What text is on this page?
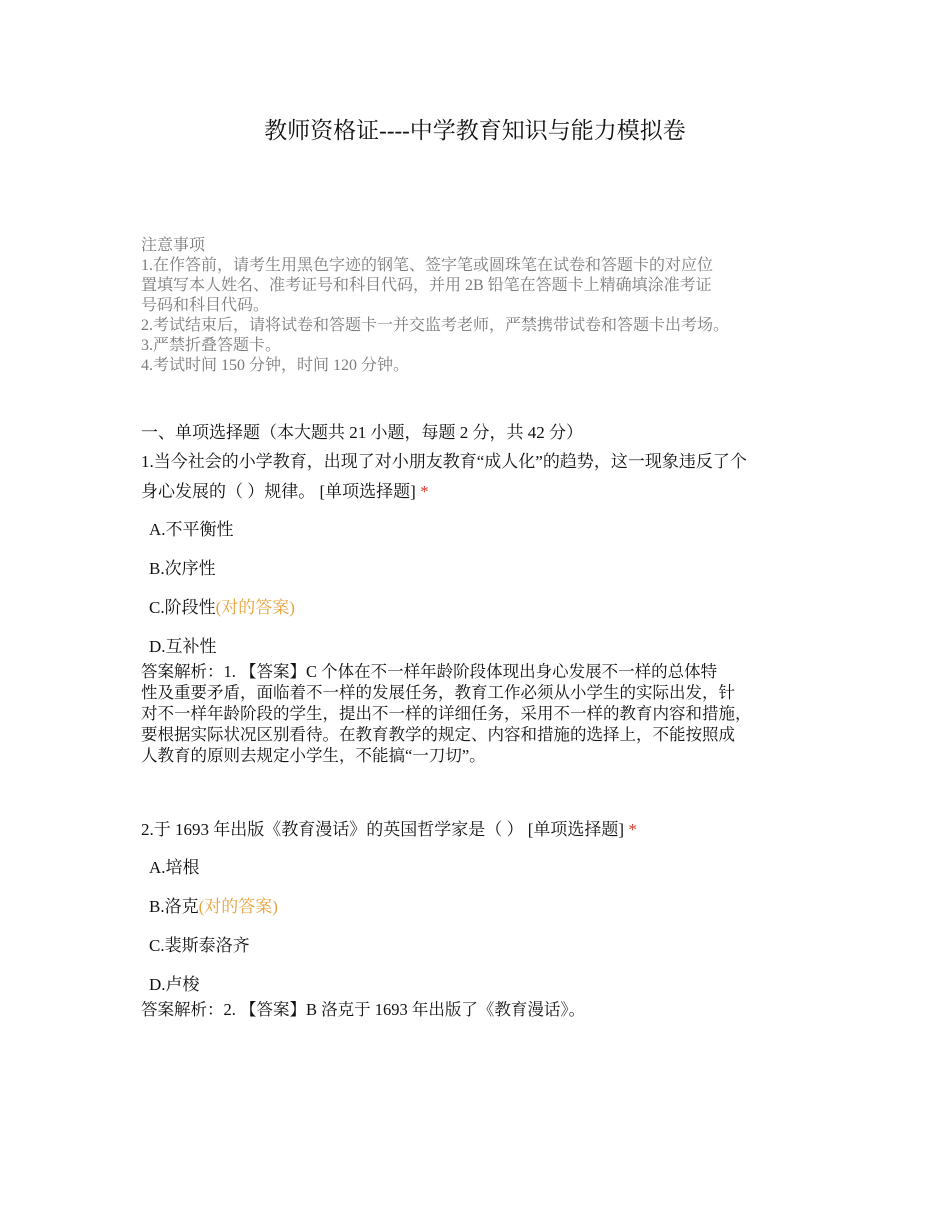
教师资格证----中学教育知识与能力模拟卷
注意事项
1.在作答前，请考生用黑色字迹的钢笔、签字笔或圆珠笔在试卷和答题卡的对应位
置填写本人姓名、准考证号和科目代码，并用 2B 铅笔在答题卡上精确填涂准考证
号码和科目代码。
2.考试结束后，请将试卷和答题卡一并交监考老师，严禁携带试卷和答题卡出考场。
3.严禁折叠答题卡。
4.考试时间 150 分钟，时间 120 分钟。
一、单项选择题（本大题共 21 小题，每题 2 分，共 42 分）
1.当今社会的小学教育，出现了对小朋友教育“成人化”的趋势，这一现象违反了个
身心发展的（ ）规律。 [单项选择题] *
A.不平衡性
B.次序性
C.阶段性(对的答案)
D.互补性
答案解析：1. 【答案】C 个体在不一样年龄阶段体现出身心发展不一样的总体特
性及重要矛盾，面临着不一样的发展任务，教育工作必须从小学生的实际出发，针
对不一样年龄阶段的学生，提出不一样的详细任务，采用不一样的教育内容和措施，
要根据实际状况区别看待。在教育教学的规定、内容和措施的选择上，不能按照成
人教育的原则去规定小学生，不能搞“一刀切”。
2.于 1693 年出版《教育漫话》的英国哲学家是（ ） [单项选择题] *
A.培根
B.洛克(对的答案)
C.裴斯泰洛齐
D.卢梭
答案解析：2. 【答案】B 洛克于 1693 年出版了《教育漫话》。
